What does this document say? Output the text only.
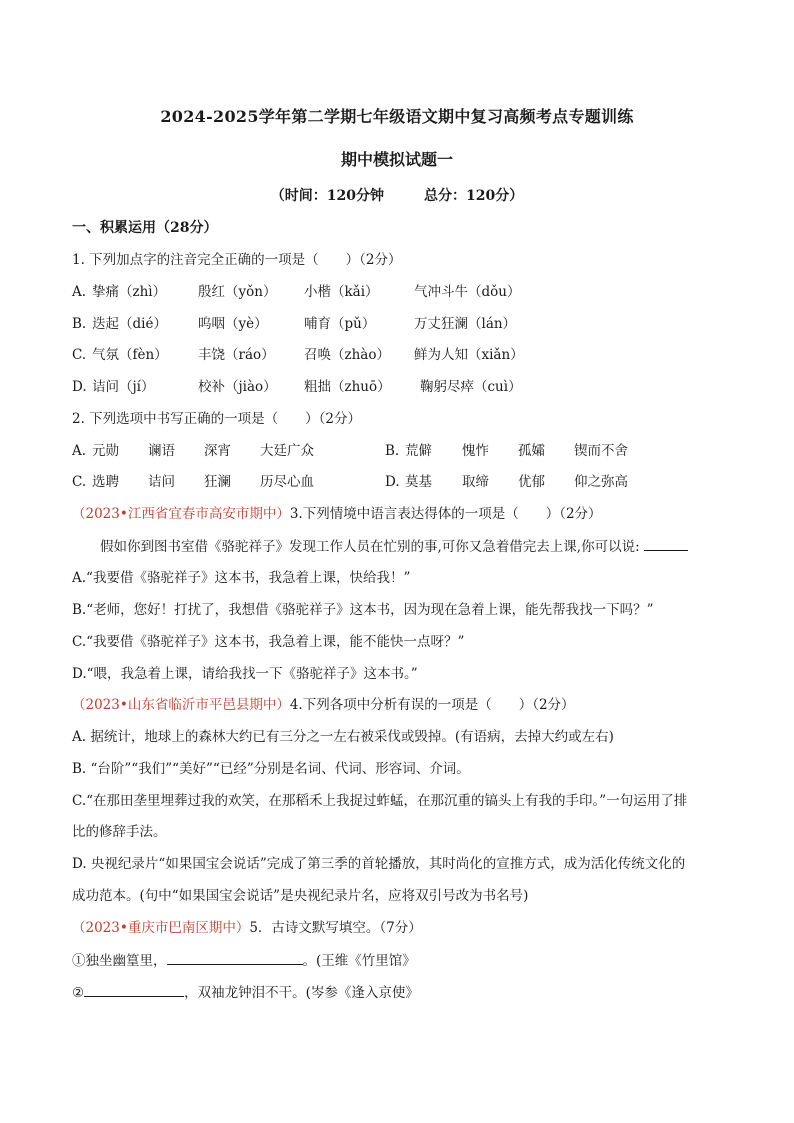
2024-2025学年第二学期七年级语文期中复习高频考点专题训练
期中模拟试题一
（时间：120分钟	总分：120分）
一、积累运用（28分）
1. 下列加点字的注音完全正确的一项是（　　）（2分）
A. 挚痛（zhì） 殷红（yǒn） 小楷（kǎi）	气冲斗牛（dǒu）
B. 迭起（dié） 呜咽（yè）	哺育（pǔ）	万丈狂澜（lán）
C. 气氛（fèn） 丰饶（ráo） 召唤（zhào） 鲜为人知（xiǎn）
D. 诘问（jí）	校补（jiào） 粗拙（zhuō） 鞠躬尽瘁（cuì）
2. 下列选项中书写正确的一项是（　　）（2分）
A. 元勋 谰语 深宵 大廷广众	B. 荒僻 愧怍 孤孀 锲而不舍
C. 选聘 诘问 狂澜 历尽心血	D. 莫基 取缔 优郁 仰之弥高
（2023•江西省宜春市高安市期中）3.下列情境中语言表达得体的一项是（　　）（2分）
假如你到图书室借《骆驼祥子》发现工作人员在忙别的事,可你又急着借完去上课,你可以说:
A.“我要借《骆驼祥子》这本书，我急着上课，快给我！”
B.“老师，您好！打扰了，我想借《骆驼祥子》这本书，因为现在急着上课，能先帮我找一下吗？”
C.“我要借《骆驼祥子》这本书，我急着上课，能不能快一点呀？”
D.“喂，我急着上课，请给我找一下《骆驼祥子》这本书。”
（2023•山东省临沂市平邑县期中）4.下列各项中分析有误的一项是（　　）（2分）
A. 据统计，地球上的森林大约已有三分之一左右被采伐或毁掉。(有语病，去掉大约或左右)
B. “台阶”“我们”“美好”“已经”分别是名词、代词、形容词、介词。
C.“在那田垄里埋葬过我的欢笑，在那稻禾上我捉过蚱蜢，在那沉重的镐头上有我的手印。”一句运用了排
比的修辞手法。
D. 央视纪录片“如果国宝会说话”完成了第三季的首轮播放，其时尚化的宣推方式，成为活化传统文化的
成功范本。(句中“如果国宝会说话”是央视纪录片名，应将双引号改为书名号)
（2023•重庆市巴南区期中）5．古诗文默写填空。（7分）
①独坐幽篁里，	。(王维《竹里馆》
②	，双袖龙钟泪不干。(岑参《逢入京使》
